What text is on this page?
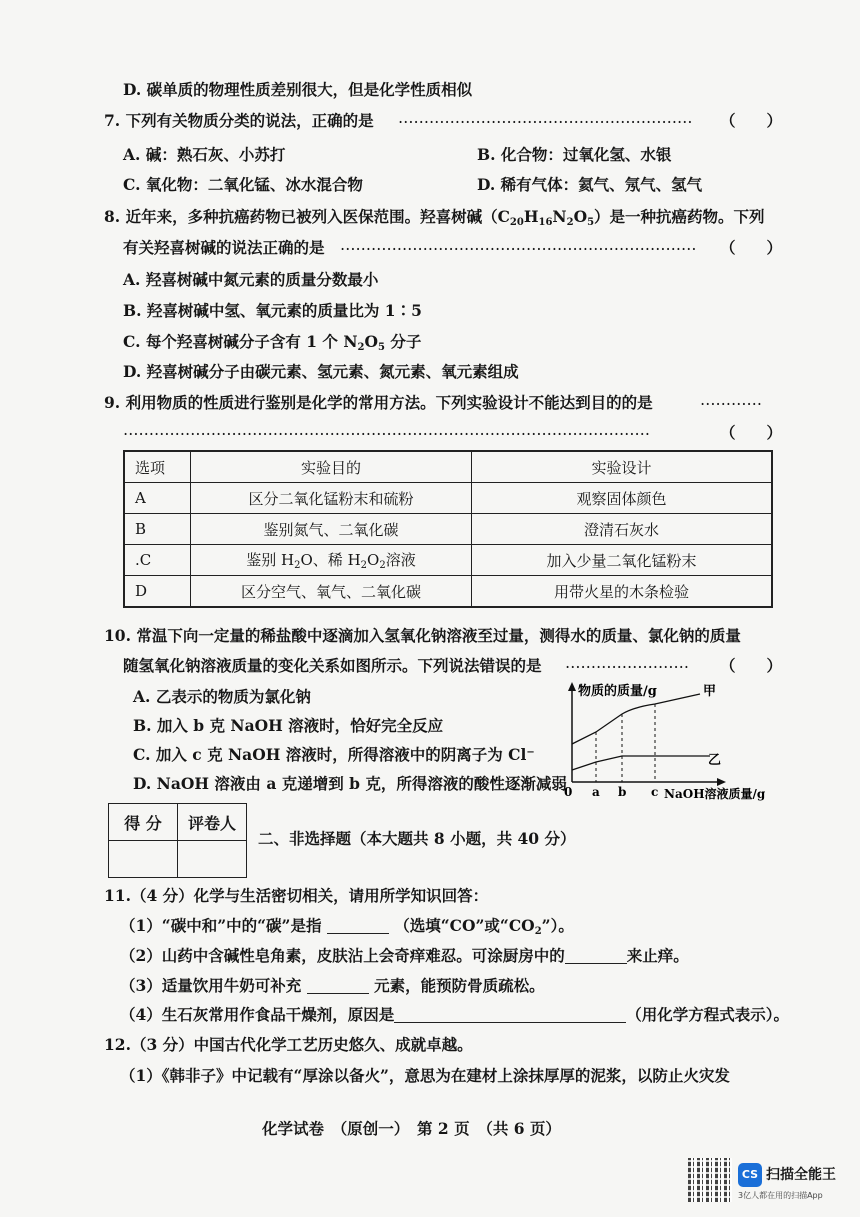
D. 碳单质的物理性质差别很大，但是化学性质相似
7. 下列有关物质分类的说法，正确的是 ………………………………………………… （　　）
A. 碱：熟石灰、小苏打	B. 化合物：过氧化氢、水银
C. 氧化物：二氧化锰、冰水混合物	D. 稀有气体：氦气、氖气、氢气
8. 近年来，多种抗癌药物已被列入医保范围。羟喜树碱$(C_{20}H_{16}N_2O_5)$是一种抗癌药物。下列
有关羟喜树碱的说法正确的是 …………………………………………………………… （　　）
A. 羟喜树碱中氮元素的质量分数最小
B. 羟喜树碱中氢、氧元素的质量比为 1∶5
C. 每个羟喜树碱分子含有 1 个 $N_2O_5$ 分子
D. 羟喜树碱分子由碳元素、氢元素、氮元素、氧元素组成
9. 利用物质的性质进行鉴别是化学的常用方法。下列实验设计不能达到目的的是	…………
…………………………………………………………………………………………	（　　）
选项	实验目的	实验设计
A	区分二氧化锰粉末和硫粉	观察固体颜色
B	鉴别氮气、二氧化碳	澄清石灰水
.C	鉴别 $H_2O$、稀 $H_2O_2$溶液	加入少量二氧化锰粉末
D	区分空气、氧气、二氧化碳	用带火星的木条检验
10. 常温下向一定量的稀盐酸中逐滴加入氢氧化钠溶液至过量，测得水的质量、氯化钠的质量
随氢氧化钠溶液质量的变化关系如图所示。下列说法错误的是 …………………… （　　）
A. 乙表示的物质为氯化钠
B. 加入 b 克 NaOH 溶液时，恰好完全反应
C. 加入 c 克 NaOH 溶液时，所得溶液中的阴离子为 Cl−
D. NaOH 溶液由 a 克递增到 b 克，所得溶液的酸性逐渐减弱
物质的质量/g	甲
乙
0 a b c NaOH溶液质量/g
得 分	评卷人

二、非选择题（本大题共 8 小题，共 40 分）
11.（4 分）化学与生活密切相关，请用所学知识回答：
（1）“碳中和”中的“碳”是指	（选填“CO”或“$CO_2$”）。
（2）山药中含碱性皂角素，皮肤沾上会奇痒难忍。可涂厨房中的	来止痒。
（3）适量饮用牛奶可补充	元素，能预防骨质疏松。
（4）生石灰常用作食品干燥剂，原因是	（用化学方程式表示）。
12.（3 分）中国古代化学工艺历史悠久、成就卓越。
（1）《韩非子》中记载有“厚涂以备火”，意思为在建材上涂抹厚厚的泥浆，以防止火灾发
化学试卷　（原创一）　第 2 页　（共 6 页）
CS 扫描全能王
3亿人都在用的扫描App
